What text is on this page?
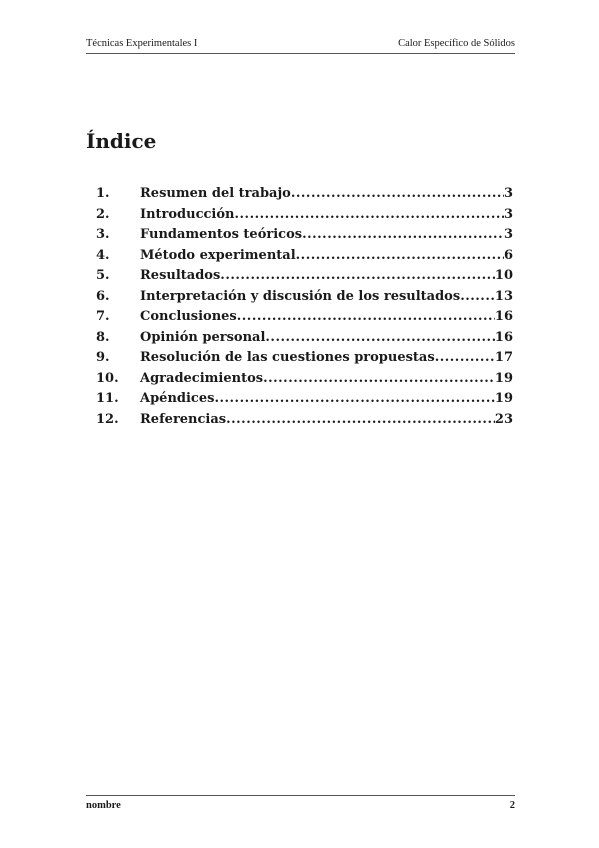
Técnicas Experimentales I	Calor Específico de Sólidos
Índice
1.	Resumen del trabajo .....	3
2.	Introducción .....	3
3.	Fundamentos teóricos .....	3
4.	Método experimental .....	6
5.	Resultados .....	10
6.	Interpretación y discusión de los resultados .....	13
7.	Conclusiones .....	16
8.	Opinión personal .....	16
9.	Resolución de las cuestiones propuestas .....	17
10.	Agradecimientos .....	19
11.	Apéndices .....	19
12.	Referencias .....	23
nombre	2
